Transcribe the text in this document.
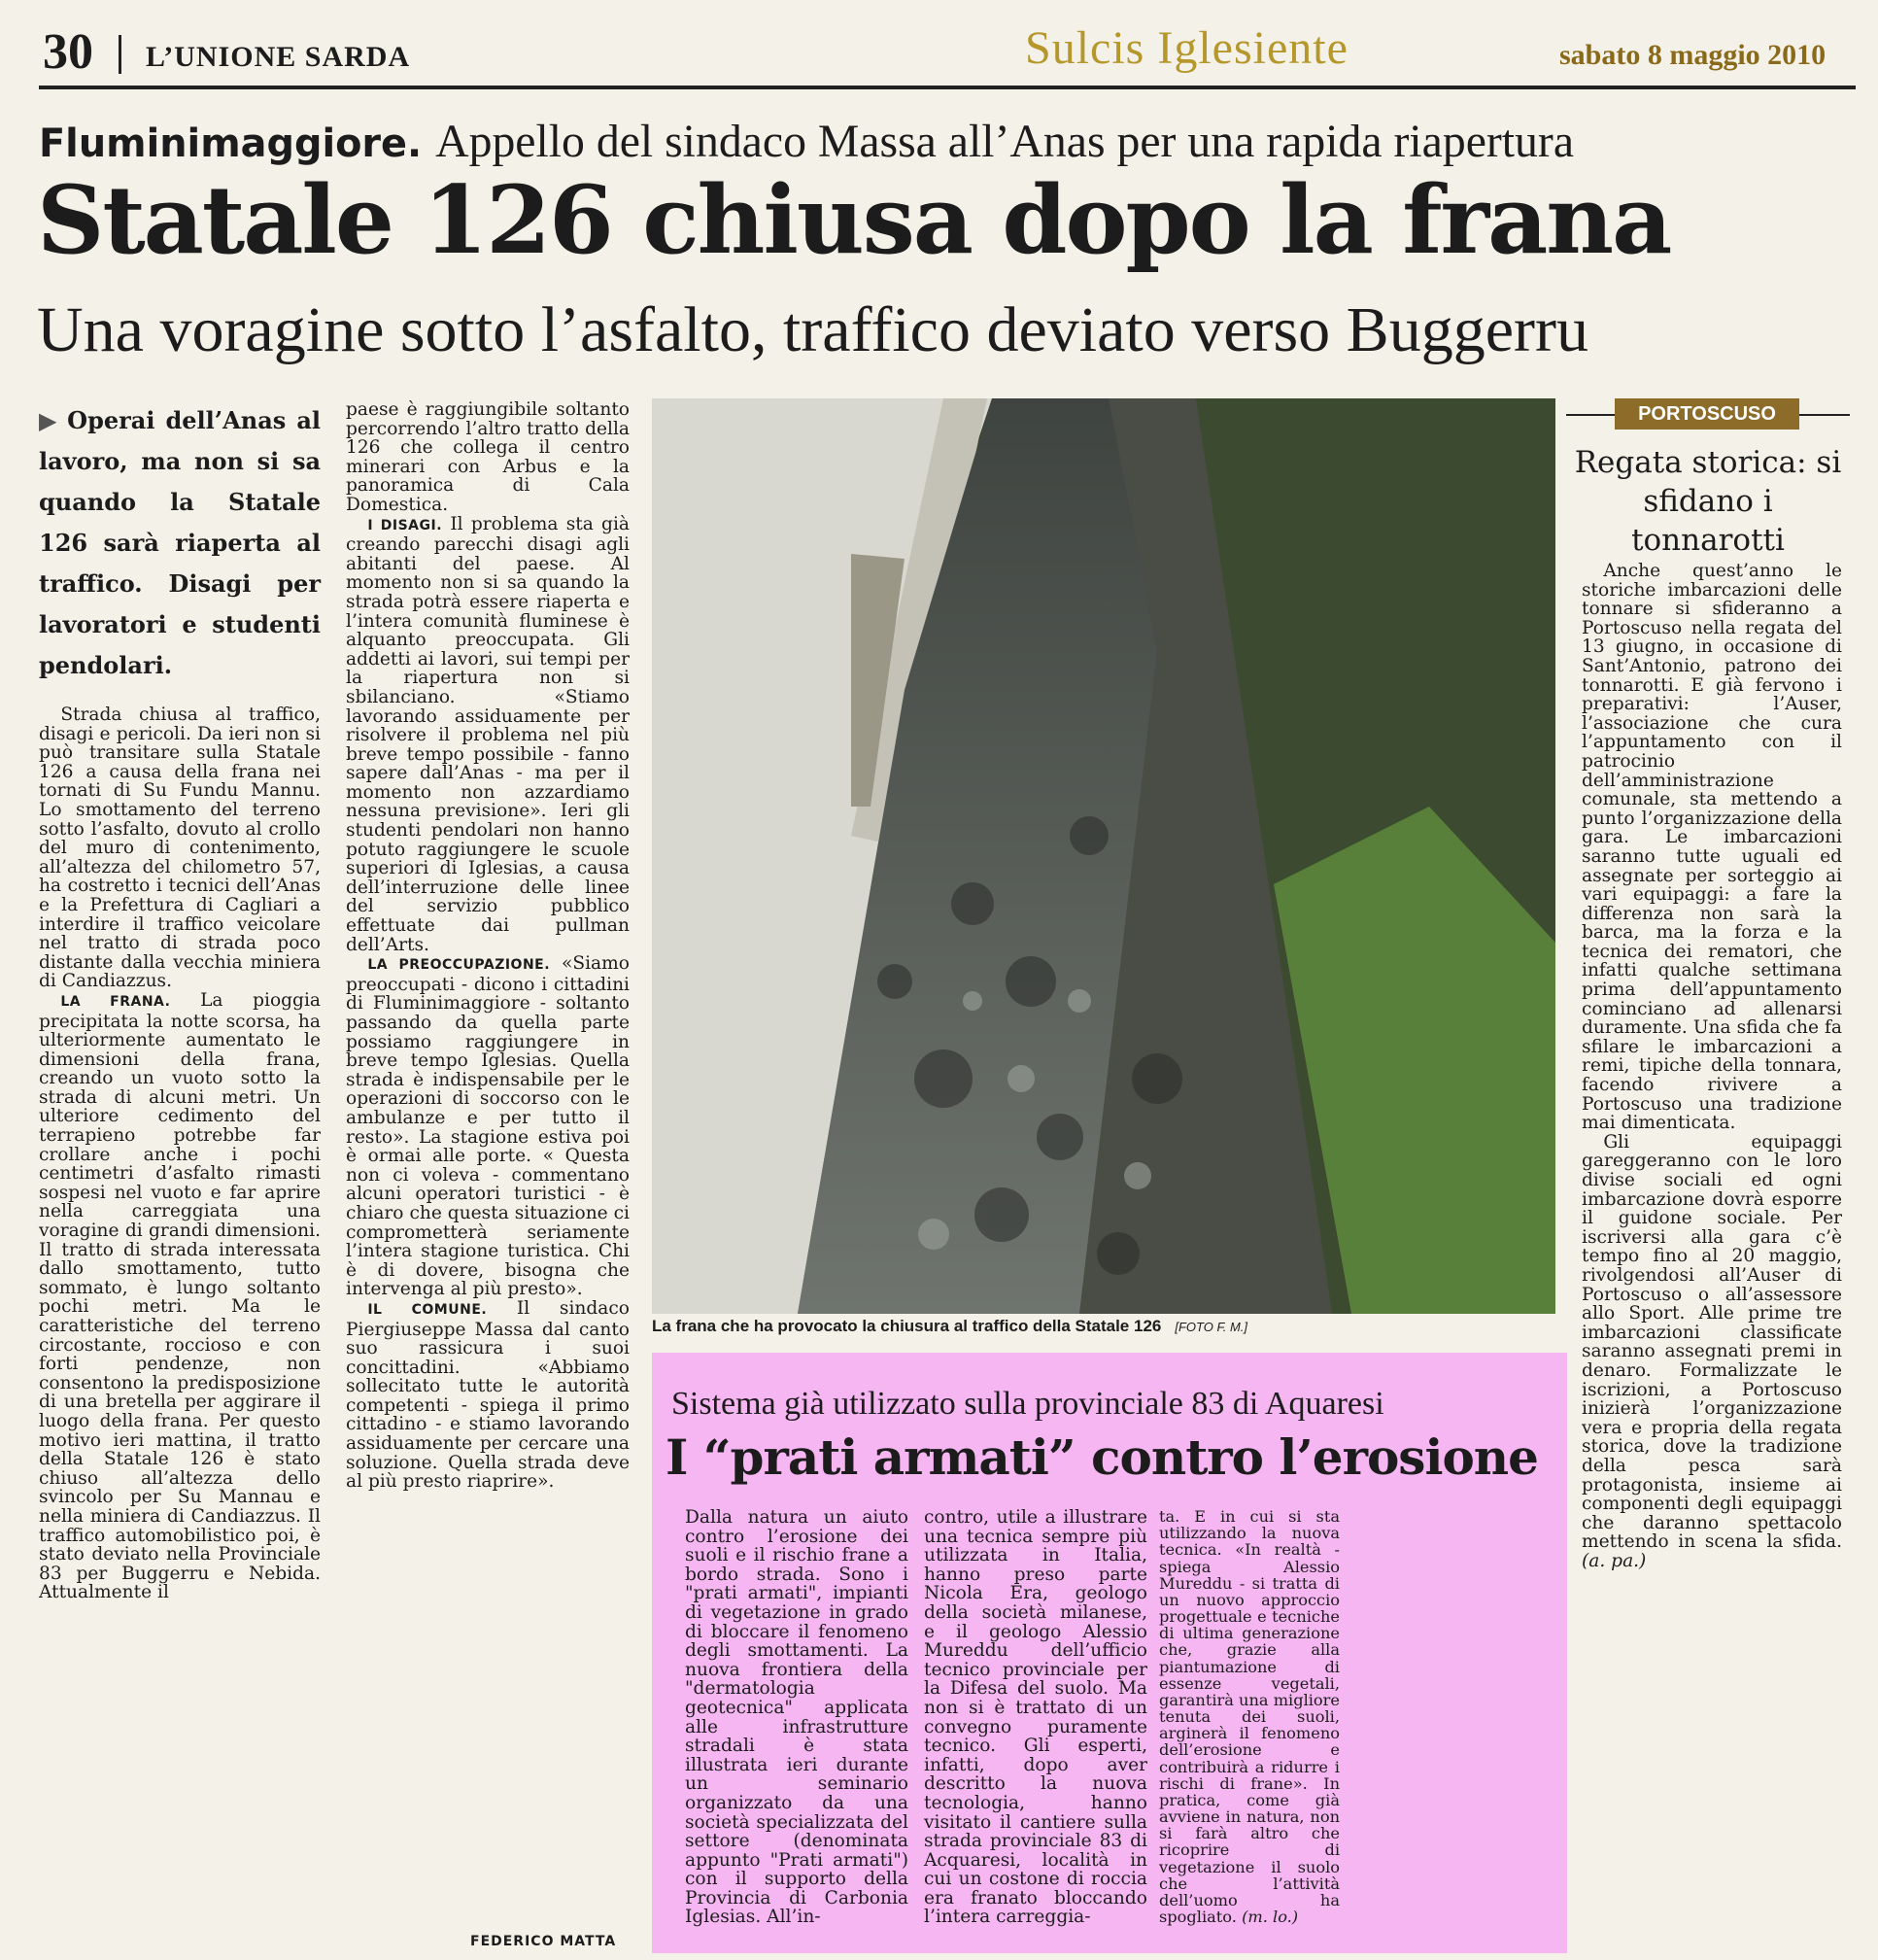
30 L’UNIONE SARDA	Sulcis Iglesiente	sabato 8 maggio 2010
Fluminimaggiore. Appello del sindaco Massa all’Anas per una rapida riapertura
Statale 126 chiusa dopo la frana
Una voragine sotto l’asfalto, traffico deviato verso Buggerru
▶ Operai dell’Anas al lavoro, ma non si sa quando la Statale 126 sarà riaperta al traffico. Disagi per lavoratori e studenti pendolari.

Strada chiusa al traffico, disagi e pericoli. Da ieri non si può transitare sulla Statale 126 a causa della frana nei tornati di Su Fundu Mannu. Lo smottamento del terreno sotto l’asfalto, dovuto al crollo del muro di contenimento, all’altezza del chilometro 57, ha costretto i tecnici dell’Anas e la Prefettura di Cagliari a interdire il traffico veicolare nel tratto di strada poco distante dalla vecchia miniera di Candiazzus.

LA FRANA. La pioggia precipitata la notte scorsa, ha ulteriormente aumentato le dimensioni della frana, creando un vuoto sotto la strada di alcuni metri. Un ulteriore cedimento del terrapieno potrebbe far crollare anche i pochi centimetri d’asfalto rimasti sospesi nel vuoto e far aprire nella carreggiata una voragine di grandi dimensioni. Il tratto di strada interessata dallo smottamento, tutto sommato, è lungo soltanto pochi metri. Ma le caratteristiche del terreno circostante, roccioso e con forti pendenze, non consentono la predisposizione di una bretella per aggirare il luogo della frana. Per questo motivo ieri mattina, il tratto della Statale 126 è stato chiuso all’altezza dello svincolo per Su Mannau e nella miniera di Candiazzus. Il traffico automobilistico poi, è stato deviato nella Provinciale 83 per Buggerru e Nebida. Attualmente il

paese è raggiungibile soltanto percorrendo l’altro tratto della 126 che collega il centro minerari con Arbus e la panoramica di Cala Domestica.

I DISAGI. Il problema sta già creando parecchi disagi agli abitanti del paese. Al momento non si sa quando la strada potrà essere riaperta e l’intera comunità fluminese è alquanto preoccupata. Gli addetti ai lavori, sui tempi per la riapertura non si sbilanciano. «Stiamo lavorando assiduamente per risolvere il problema nel più breve tempo possibile - fanno sapere dall’Anas - ma per il momento non azzardiamo nessuna previsione». Ieri gli studenti pendolari non hanno potuto raggiungere le scuole superiori di Iglesias, a causa dell’interruzione delle linee del servizio pubblico effettuate dai pullman dell’Arts.

LA PREOCCUPAZIONE. «Siamo preoccupati - dicono i cittadini di Fluminimaggiore - soltanto passando da quella parte possiamo raggiungere in breve tempo Iglesias. Quella strada è indispensabile per le operazioni di soccorso con le ambulanze e per tutto il resto». La stagione estiva poi è ormai alle porte. « Questa non ci voleva - commentano alcuni operatori turistici - è chiaro che questa situazione ci comprometterà seriamente l’intera stagione turistica. Chi è di dovere, bisogna che intervenga al più presto».

IL COMUNE. Il sindaco Piergiuseppe Massa dal canto suo rassicura i suoi concittadini. «Abbiamo sollecitato tutte le autorità competenti - spiega il primo cittadino - e stiamo lavorando assiduamente per cercare una soluzione. Quella strada deve al più presto riaprire».

FEDERICO MATTA
La frana che ha provocato la chiusura al traffico della Statale 126 [FOTO F. M.]
PORTOSCUSO
Regata storica: si sfidano i tonnarotti

Anche quest’anno le storiche imbarcazioni delle tonnare si sfideranno a Portoscuso nella regata del 13 giugno, in occasione di Sant’Antonio, patrono dei tonnarotti. E già fervono i preparativi: l’Auser, l’associazione che cura l’appuntamento con il patrocinio dell’amministrazione comunale, sta mettendo a punto l’organizzazione della gara. Le imbarcazioni saranno tutte uguali ed assegnate per sorteggio ai vari equipaggi: a fare la differenza non sarà la barca, ma la forza e la tecnica dei rematori, che infatti qualche settimana prima dell’appuntamento cominciano ad allenarsi duramente. Una sfida che fa sfilare le imbarcazioni a remi, tipiche della tonnara, facendo rivivere a Portoscuso una tradizione mai dimenticata.

Gli equipaggi gareggeranno con le loro divise sociali ed ogni imbarcazione dovrà esporre il guidone sociale. Per iscriversi alla gara c’è tempo fino al 20 maggio, rivolgendosi all’Auser di Portoscuso o all’assessore allo Sport. Alle prime tre imbarcazioni classificate saranno assegnati premi in denaro. Formalizzate le iscrizioni, a Portoscuso inizierà l’organizzazione vera e propria della regata storica, dove la tradizione della pesca sarà protagonista, insieme ai componenti degli equipaggi che daranno spettacolo mettendo in scena la sfida. (a. pa.)

Sistema già utilizzato sulla provinciale 83 di Aquaresi
I “prati armati” contro l’erosione

Dalla natura un aiuto contro l’erosione dei suoli e il rischio frane a bordo strada. Sono i "prati armati", impianti di vegetazione in grado di bloccare il fenomeno degli smottamenti. La nuova frontiera della "dermatologia geotecnica" applicata alle infrastrutture stradali è stata illustrata ieri durante un seminario organizzato da una società specializzata del settore (denominata appunto "Prati armati") con il supporto della Provincia di Carbonia Iglesias. All’in-

contro, utile a illustrare una tecnica sempre più utilizzata in Italia, hanno preso parte Nicola Era, geologo della società milanese, e il geologo Alessio Mureddu dell’ufficio tecnico provinciale per la Difesa del suolo. Ma non si è trattato di un convegno puramente tecnico. Gli esperti, infatti, dopo aver descritto la nuova tecnologia, hanno visitato il cantiere sulla strada provinciale 83 di Acquaresi, località in cui un costone di roccia era franato bloccando l’intera carreggia-

ta. E in cui si sta utilizzando la nuova tecnica. «In realtà - spiega Alessio Mureddu - si tratta di un nuovo approccio progettuale e tecniche di ultima generazione che, grazie alla piantumazione di essenze vegetali, garantirà una migliore tenuta dei suoli, arginerà il fenomeno dell’erosione e contribuirà a ridurre i rischi di frane». In pratica, come già avviene in natura, non si farà altro che ricoprire di vegetazione il suolo che l’attività dell’uomo ha spogliato. (m. lo.)
